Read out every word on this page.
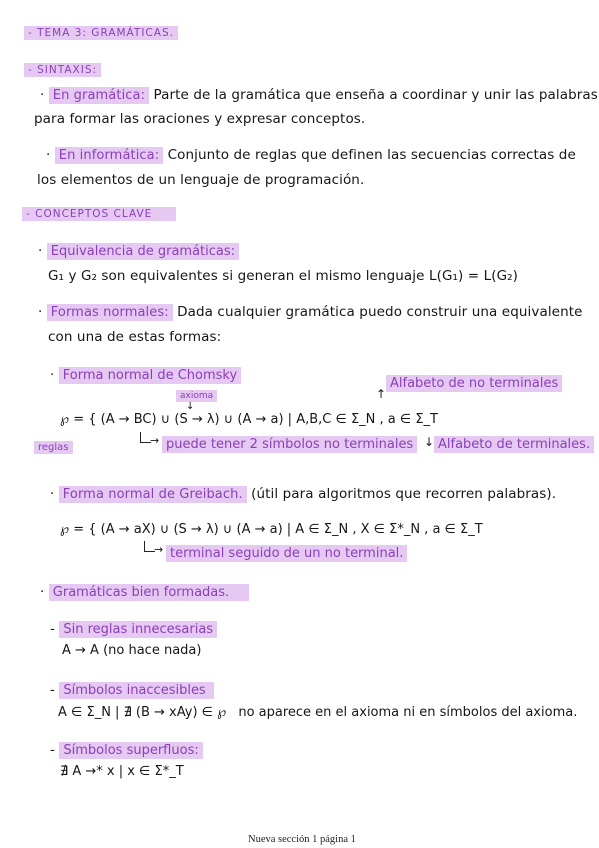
- TEMA 3: GRAMÁTICAS.
- SINTAXIS:
· En gramática: Parte de la gramática que enseña a coordinar y unir las palabras
para formar las oraciones y expresar conceptos.
· En informática: Conjunto de reglas que definen las secuencias correctas de
los elementos de un lenguaje de programación.
- CONCEPTOS CLAVE
· Equivalencia de gramáticas:
G₁ y G₂ son equivalentes si generan el mismo lenguaje L(G₁) = L(G₂)
· Formas normales: Dada cualquier gramática puedo construir una equivalente
con una de estas formas:
· Forma normal de Chomsky
axioma
↓
↑
Alfabeto de no terminales
℘ = { (A → BC) ∪ (S → λ) ∪ (A → a) | A,B,C ∈ Σ_N , a ∈ Σ_T
reglas
→ puede tener 2 símbolos no terminales ↓ Alfabeto de terminales.
· Forma normal de Greibach. (útil para algoritmos que recorren palabras).
℘ = { (A → aX) ∪ (S → λ) ∪ (A → a) | A ∈ Σ_N , X ∈ Σ*_N , a ∈ Σ_T
→ terminal seguido de un no terminal.
· Gramáticas bien formadas.
- Sin reglas innecesarias
A → A (no hace nada)
- Símbolos inaccesibles
A ∈ Σ_N | ∄ (B → xAy) ∈ ℘ no aparece en el axioma ni en símbolos del axioma.
- Símbolos superfluos:
∄ A →* x | x ∈ Σ*_T
Nueva sección 1 página 1
